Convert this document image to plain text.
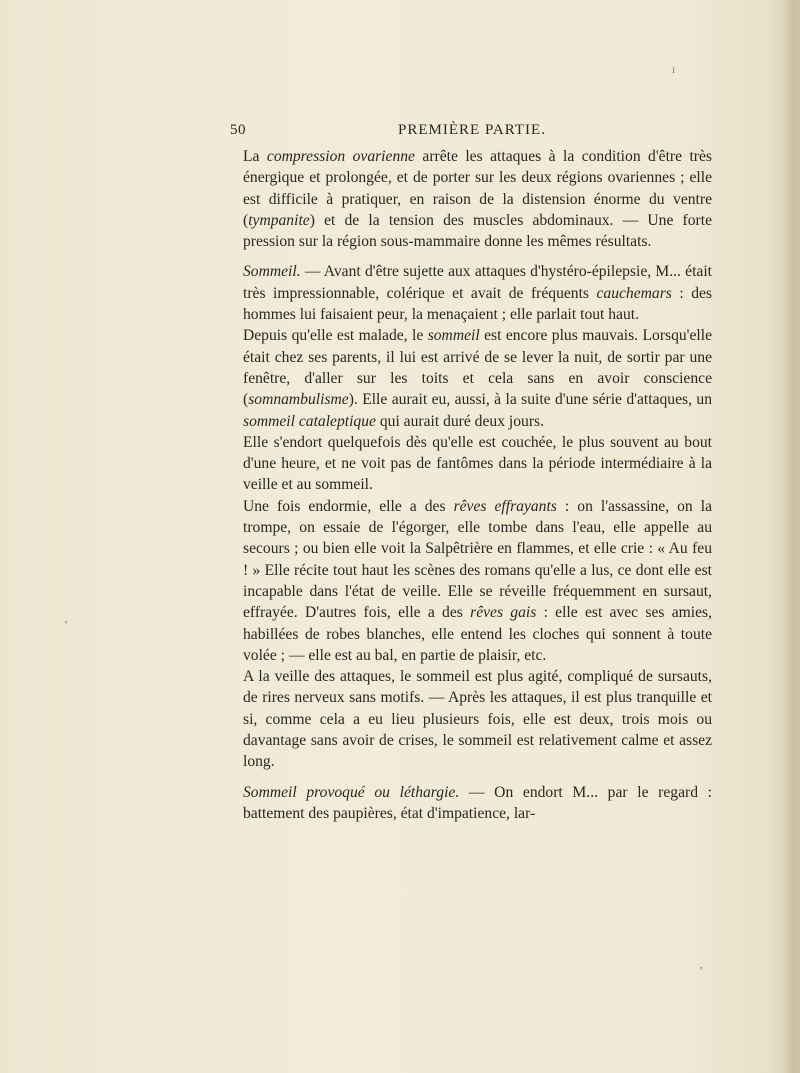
50	PREMIÈRE PARTIE.

La compression ovarienne arrête les attaques à la condition d'être très énergique et prolongée, et de porter sur les deux régions ovariennes ; elle est difficile à pratiquer, en raison de la distension énorme du ventre (tympanite) et de la tension des muscles abdominaux. — Une forte pression sur la région sous-mammaire donne les mêmes résultats.

Sommeil. — Avant d'être sujette aux attaques d'hystéro-épilepsie, M... était très impressionnable, colérique et avait de fréquents cauchemars : des hommes lui faisaient peur, la menaçaient ; elle parlait tout haut.

Depuis qu'elle est malade, le sommeil est encore plus mauvais. Lorsqu'elle était chez ses parents, il lui est arrivé de se lever la nuit, de sortir par une fenêtre, d'aller sur les toits et cela sans en avoir conscience (somnambulisme). Elle aurait eu, aussi, à la suite d'une série d'attaques, un sommeil cataleptique qui aurait duré deux jours.

Elle s'endort quelquefois dès qu'elle est couchée, le plus souvent au bout d'une heure, et ne voit pas de fantômes dans la période intermédiaire à la veille et au sommeil.

Une fois endormie, elle a des rêves effrayants : on l'assassine, on la trompe, on essaie de l'égorger, elle tombe dans l'eau, elle appelle au secours ; ou bien elle voit la Salpêtrière en flammes, et elle crie : « Au feu ! » Elle récite tout haut les scènes des romans qu'elle a lus, ce dont elle est incapable dans l'état de veille. Elle se réveille fréquemment en sursaut, effrayée. D'autres fois, elle a des rêves gais : elle est avec ses amies, habillées de robes blanches, elle entend les cloches qui sonnent à toute volée ; — elle est au bal, en partie de plaisir, etc.

A la veille des attaques, le sommeil est plus agité, compliqué de sursauts, de rires nerveux sans motifs. — Après les attaques, il est plus tranquille et si, comme cela a eu lieu plusieurs fois, elle est deux, trois mois ou davantage sans avoir de crises, le sommeil est relativement calme et assez long.

Sommeil provoqué ou léthargie. — On endort M... par le regard : battement des paupières, état d'impatience, lar-

‚
ı
‚
